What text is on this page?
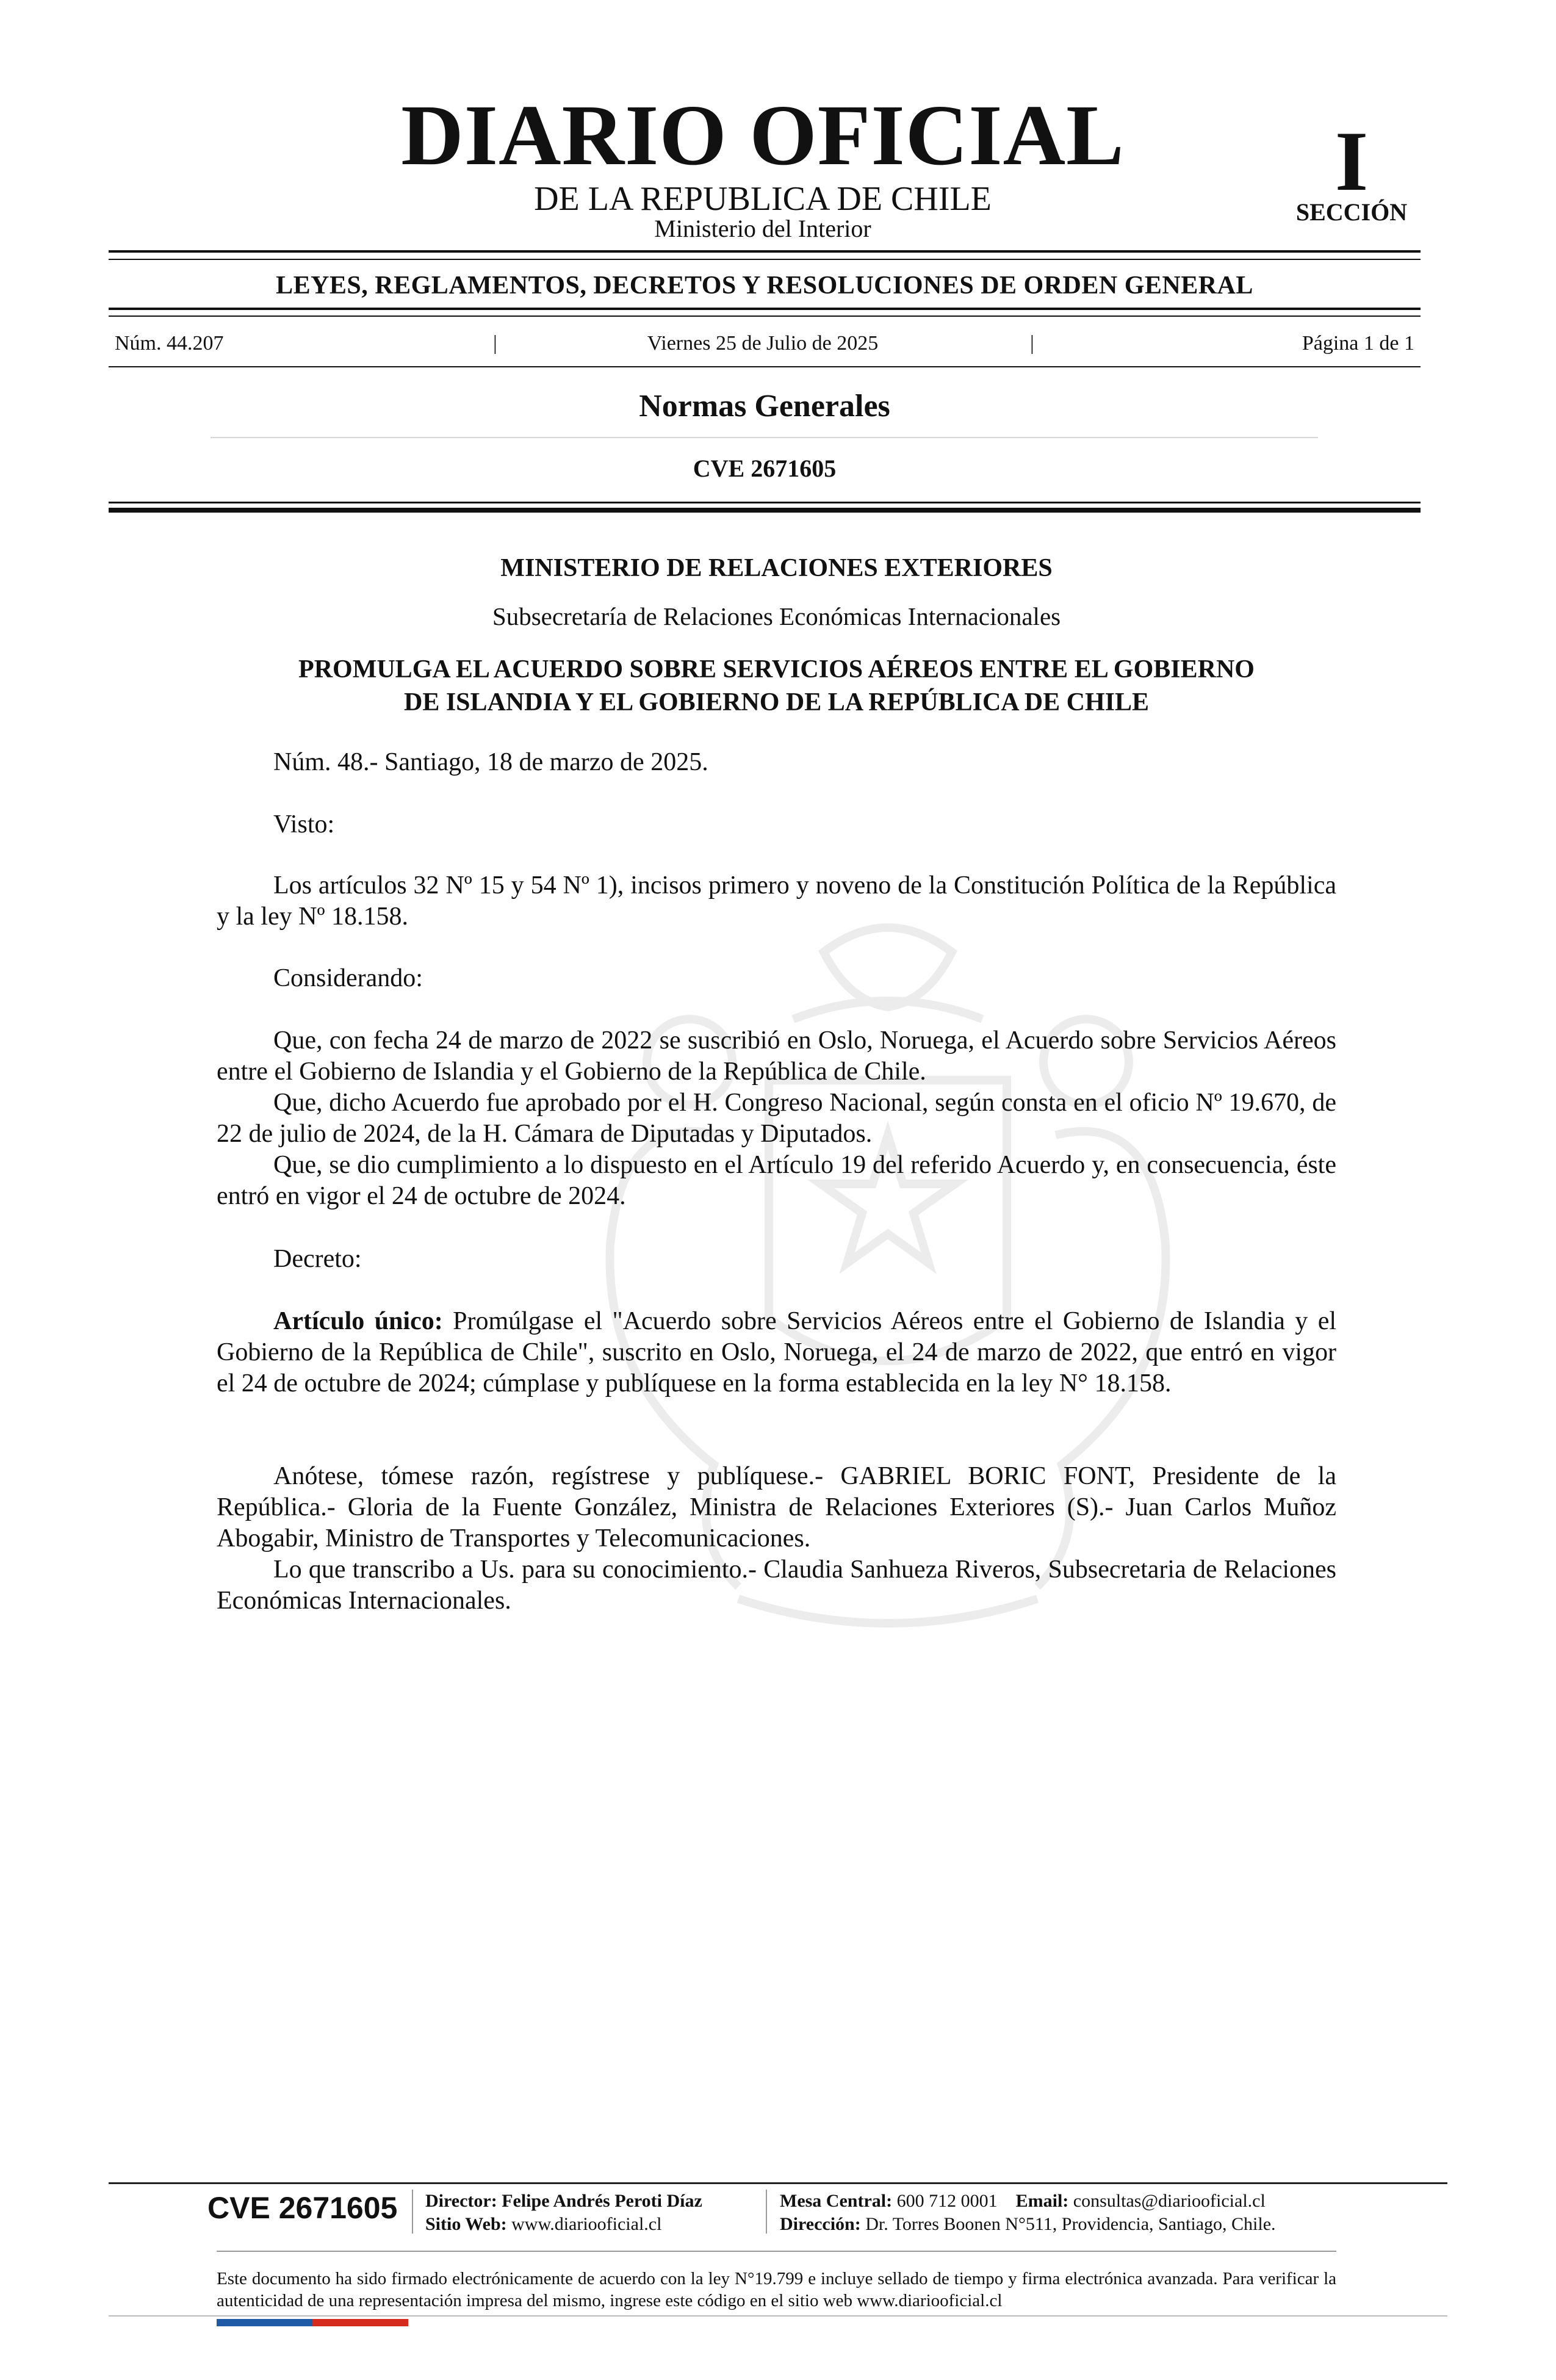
DIARIO OFICIAL
DE LA REPUBLICA DE CHILE
Ministerio del Interior
I
SECCIÓN
LEYES, REGLAMENTOS, DECRETOS Y RESOLUCIONES DE ORDEN GENERAL
Núm. 44.207	|	Viernes 25 de Julio de 2025	|	Página 1 de 1
Normas Generales
CVE 2671605
MINISTERIO DE RELACIONES EXTERIORES
Subsecretaría de Relaciones Económicas Internacionales
PROMULGA EL ACUERDO SOBRE SERVICIOS AÉREOS ENTRE EL GOBIERNO
DE ISLANDIA Y EL GOBIERNO DE LA REPÚBLICA DE CHILE
Núm. 48.- Santiago, 18 de marzo de 2025.
Visto:
Los artículos 32 Nº 15 y 54 Nº 1), incisos primero y noveno de la Constitución Política de la República y la ley Nº 18.158.
Considerando:
Que, con fecha 24 de marzo de 2022 se suscribió en Oslo, Noruega, el Acuerdo sobre Servicios Aéreos entre el Gobierno de Islandia y el Gobierno de la República de Chile.
Que, dicho Acuerdo fue aprobado por el H. Congreso Nacional, según consta en el oficio Nº 19.670, de 22 de julio de 2024, de la H. Cámara de Diputadas y Diputados.
Que, se dio cumplimiento a lo dispuesto en el Artículo 19 del referido Acuerdo y, en consecuencia, éste entró en vigor el 24 de octubre de 2024.
Decreto:
Artículo único: Promúlgase el "Acuerdo sobre Servicios Aéreos entre el Gobierno de Islandia y el Gobierno de la República de Chile", suscrito en Oslo, Noruega, el 24 de marzo de 2022, que entró en vigor el 24 de octubre de 2024; cúmplase y publíquese en la forma establecida en la ley N° 18.158.
Anótese, tómese razón, regístrese y publíquese.- GABRIEL BORIC FONT, Presidente de la República.- Gloria de la Fuente González, Ministra de Relaciones Exteriores (S).- Juan Carlos Muñoz Abogabir, Ministro de Transportes y Telecomunicaciones.
Lo que transcribo a Us. para su conocimiento.- Claudia Sanhueza Riveros, Subsecretaria de Relaciones Económicas Internacionales.
CVE 2671605 Director: Felipe Andrés Peroti Díaz
Sitio Web: www.diariooficial.cl
Mesa Central: 600 712 0001 Email: consultas@diariooficial.cl
Dirección: Dr. Torres Boonen N°511, Providencia, Santiago, Chile.
Este documento ha sido firmado electrónicamente de acuerdo con la ley N°19.799 e incluye sellado de tiempo y firma electrónica avanzada. Para verificar la autenticidad de una representación impresa del mismo, ingrese este código en el sitio web www.diariooficial.cl
